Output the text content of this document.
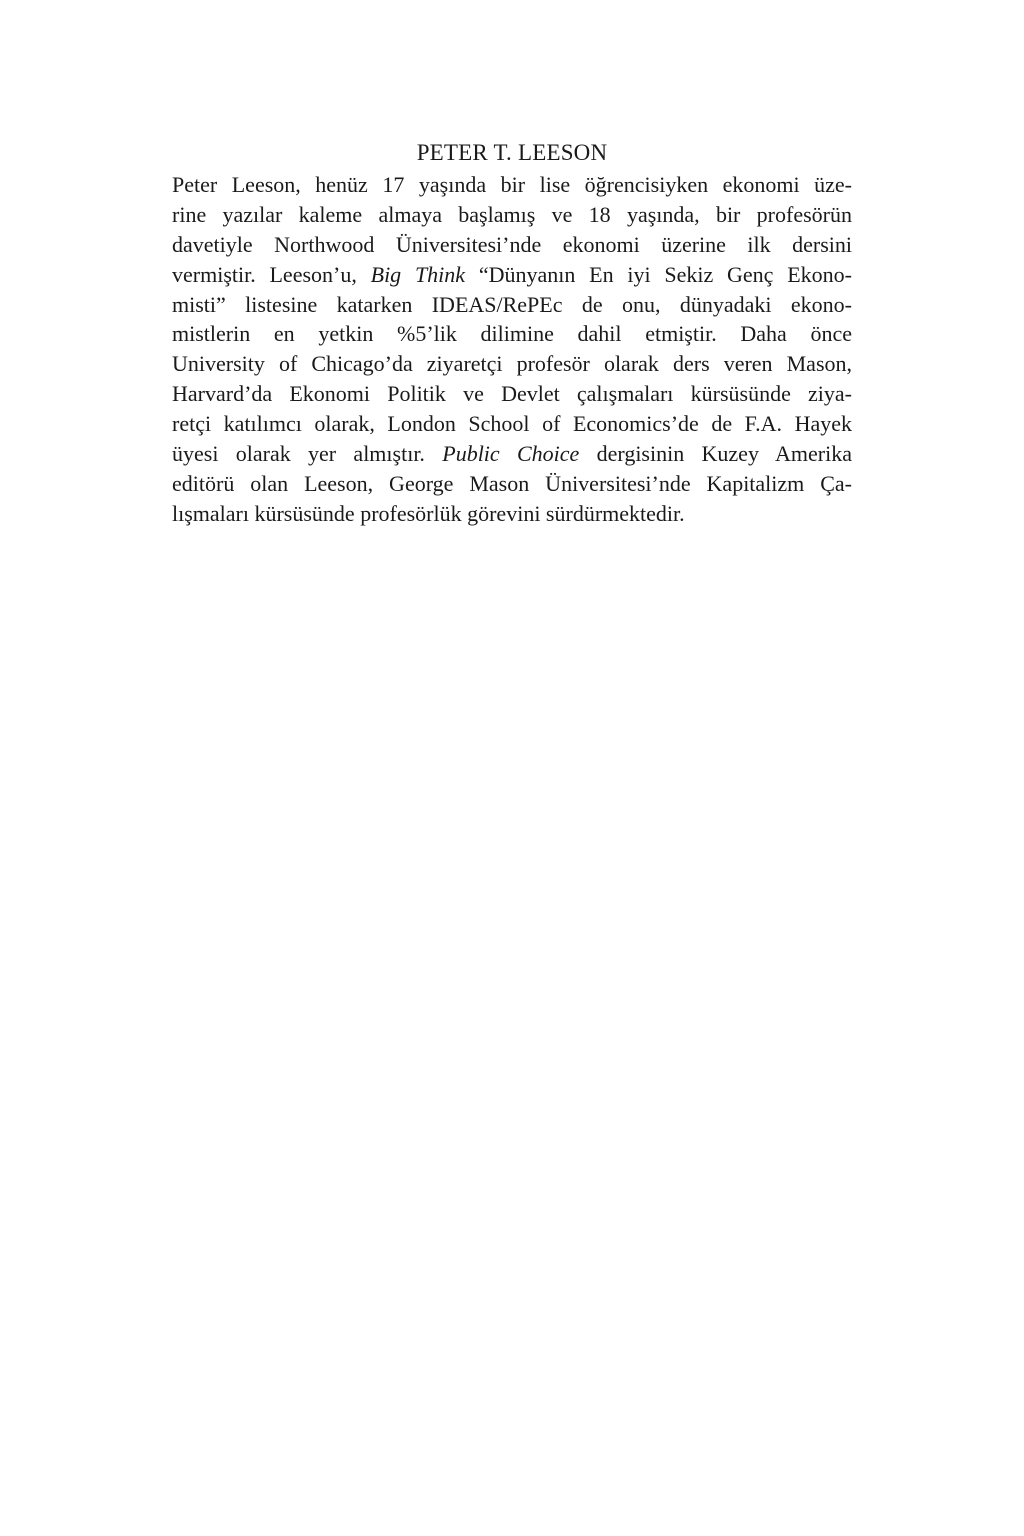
PETER T. LEESON
Peter Leeson, henüz 17 yaşında bir lise öğrencisiyken ekonomi üze-
rine yazılar kaleme almaya başlamış ve 18 yaşında, bir profesörün
davetiyle Northwood Üniversitesi’nde ekonomi üzerine ilk dersini
vermiştir. Leeson’u, Big Think “Dünyanın En iyi Sekiz Genç Ekono-
misti” listesine katarken IDEAS/RePEc de onu, dünyadaki ekono-
mistlerin en yetkin %5’lik dilimine dahil etmiştir. Daha önce
University of Chicago’da ziyaretçi profesör olarak ders veren Mason,
Harvard’da Ekonomi Politik ve Devlet çalışmaları kürsüsünde ziya-
retçi katılımcı olarak, London School of Economics’de de F.A. Hayek
üyesi olarak yer almıştır. Public Choice dergisinin Kuzey Amerika
editörü olan Leeson, George Mason Üniversitesi’nde Kapitalizm Ça-
lışmaları kürsüsünde profesörlük görevini sürdürmektedir.
